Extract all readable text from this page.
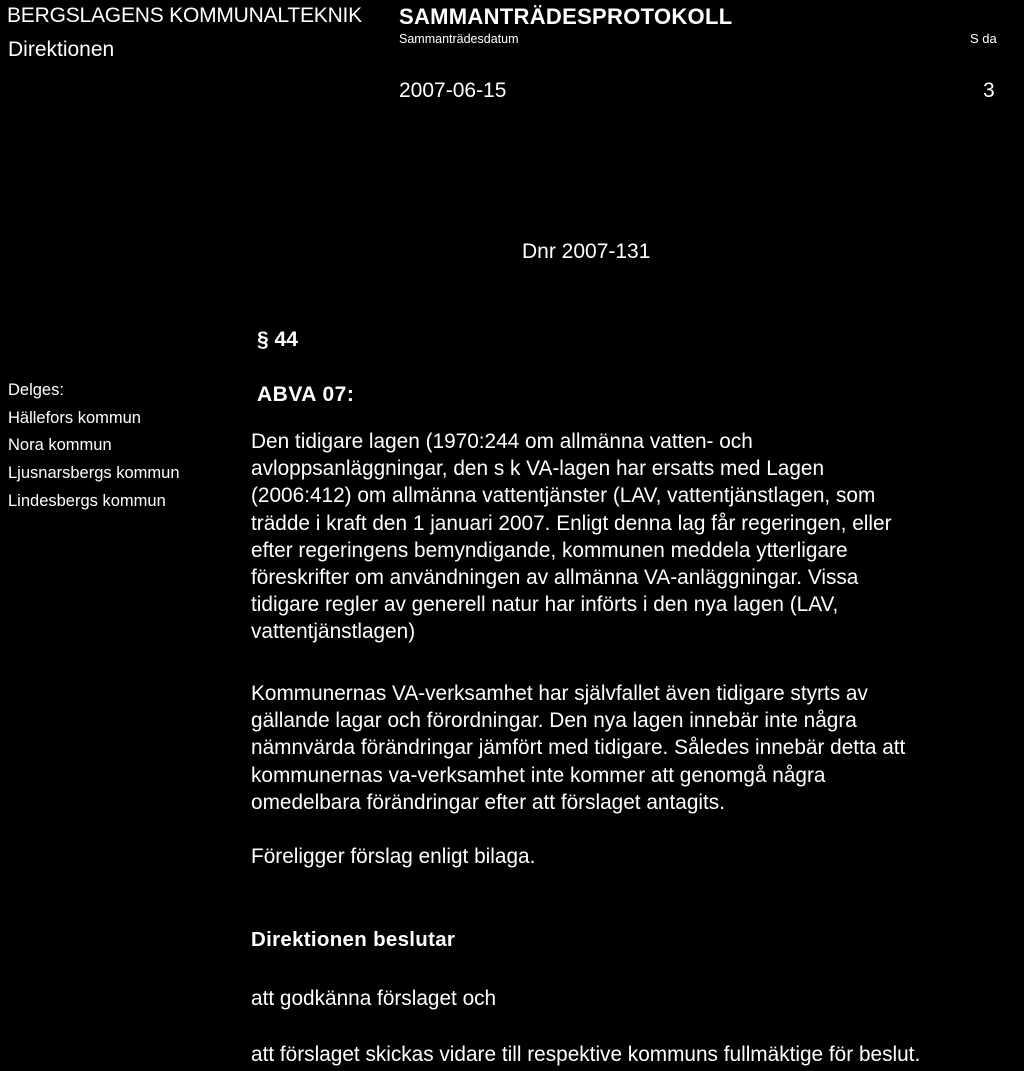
BERGSLAGENS KOMMUNALTEKNIK
Direktionen
SAMMANTRÄDESPROTOKOLL
Sammanträdesdatum	S da
2007-06-15	3
Dnr 2007-131
§ 44
Delges:
Hällefors kommun
Nora kommun
Ljusnarsbergs kommun
Lindesbergs kommun
ABVA 07:
Den tidigare lagen (1970:244 om allmänna vatten- och
avloppsanläggningar, den s k VA-lagen har ersatts med Lagen
(2006:412) om allmänna vattentjänster (LAV, vattentjänstlagen, som
trädde i kraft den 1 januari 2007. Enligt denna lag får regeringen, eller
efter regeringens bemyndigande, kommunen meddela ytterligare
föreskrifter om användningen av allmänna VA-anläggningar. Vissa
tidigare regler av generell natur har införts i den nya lagen (LAV,
vattentjänstlagen)
Kommunernas VA-verksamhet har självfallet även tidigare styrts av
gällande lagar och förordningar. Den nya lagen innebär inte några
nämnvärda förändringar jämfört med tidigare. Således innebär detta att
kommunernas va-verksamhet inte kommer att genomgå några
omedelbara förändringar efter att förslaget antagits.
Föreligger förslag enligt bilaga.
Direktionen beslutar
att godkänna förslaget och
att förslaget skickas vidare till respektive kommuns fullmäktige för beslut.
